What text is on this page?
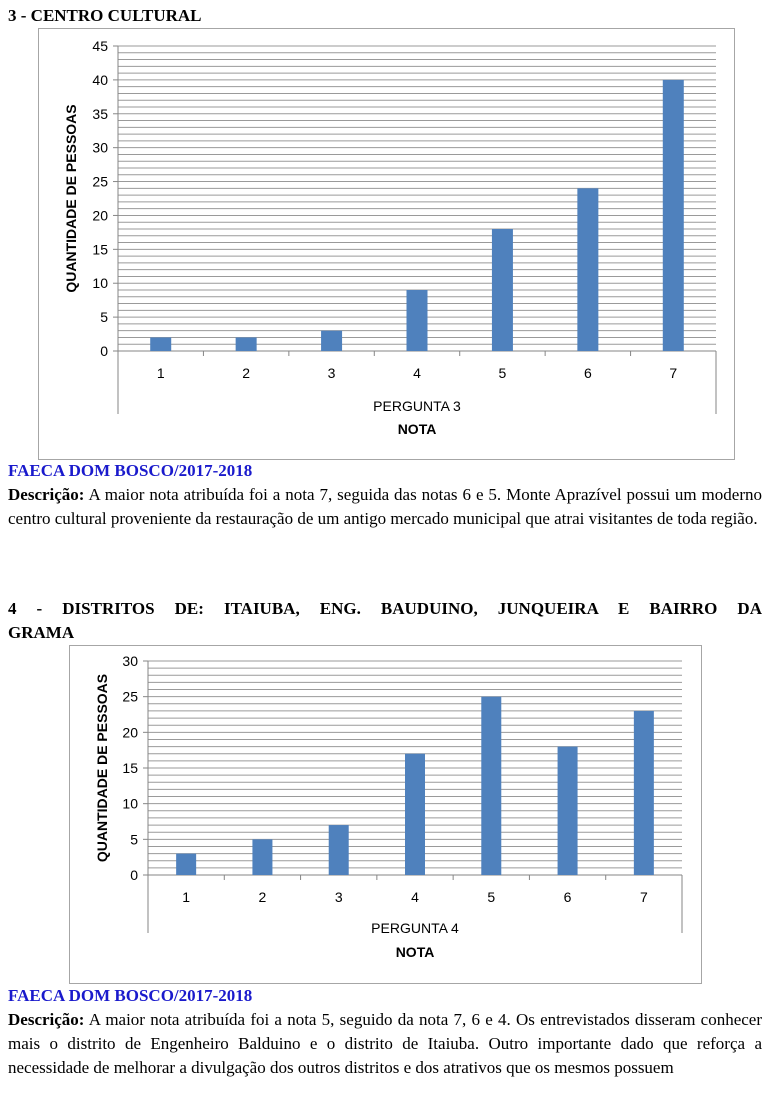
3 - CENTRO CULTURAL
0
5
10
15
20
25
30
35
40
45
1	2	3	4	5	6	7
PERGUNTA 3
NOTA
QUANTIDADE DE PESSOAS
FAECA DOM BOSCO/2017-2018
Descrição: A maior nota atribuída foi a nota 7, seguida das notas 6 e 5. Monte Aprazível possui um moderno centro cultural proveniente da restauração de um antigo mercado municipal que atrai visitantes de toda região.
4 - DISTRITOS DE: ITAIUBA, ENG. BAUDUINO, JUNQUEIRA E BAIRRO DA
GRAMA
0
5
10
15
20
25
30
1	2	3	4	5	6	7
PERGUNTA 4
NOTA
QUANTIDADE DE PESSOAS
FAECA DOM BOSCO/2017-2018
Descrição: A maior nota atribuída foi a nota 5, seguido da nota 7, 6 e 4. Os entrevistados disseram conhecer mais o distrito de Engenheiro Balduino e o distrito de Itaiuba. Outro importante dado que reforça a necessidade de melhorar a divulgação dos outros distritos e dos atrativos que os mesmos possuem
